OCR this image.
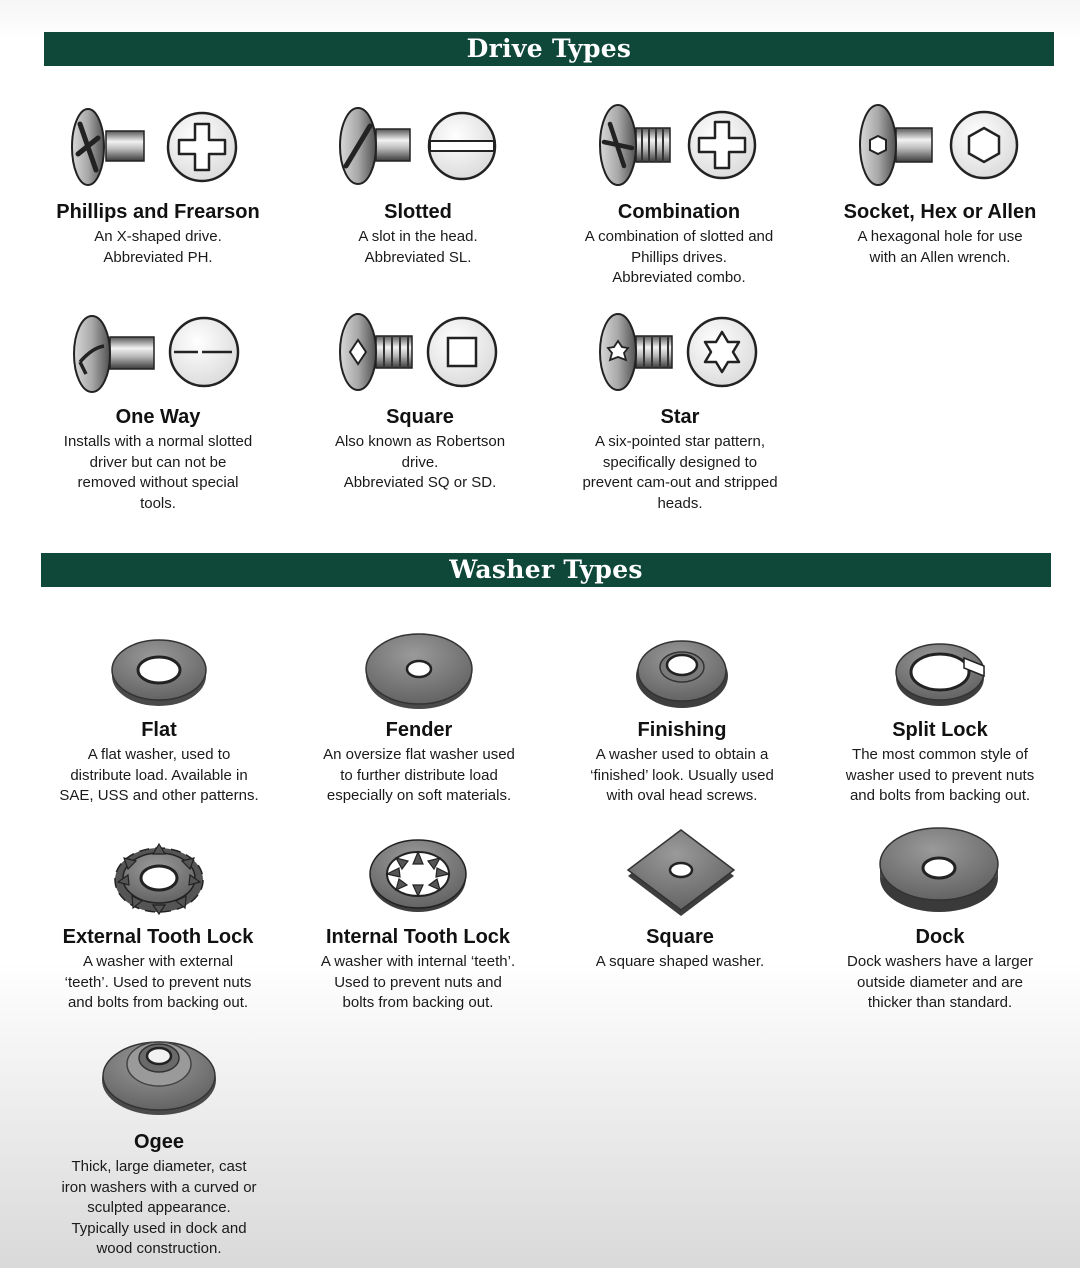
Drive Types
Phillips and Frearson

An X-shaped drive.
Abbreviated PH.

Slotted

A slot in the head.
Abbreviated SL.

Combination

A combination of slotted and
Phillips drives.
Abbreviated combo.

Socket, Hex or Allen

A hexagonal hole for use
with an Allen wrench.

One Way

Installs with a normal slotted
driver but can not be
removed without special
tools.

Square

Also known as Robertson
drive.
Abbreviated SQ or SD.

Star

A six-pointed star pattern,
specifically designed to
prevent cam-out and stripped
heads.

Washer Types
Flat

A flat washer, used to
distribute load. Available in
SAE, USS and other patterns.

Fender

An oversize flat washer used
to further distribute load
especially on soft materials.

Finishing

A washer used to obtain a
‘finished’ look. Usually used
with oval head screws.

Split Lock

The most common style of
washer used to prevent nuts
and bolts from backing out.

External Tooth Lock

A washer with external
‘teeth’. Used to prevent nuts
and bolts from backing out.

Internal Tooth Lock

A washer with internal ‘teeth’.
Used to prevent nuts and
bolts from backing out.

Square

A square shaped washer.

Dock

Dock washers have a larger
outside diameter and are
thicker than standard.

Ogee

Thick, large diameter, cast
iron washers with a curved or
sculpted appearance.
Typically used in dock and
wood construction.
